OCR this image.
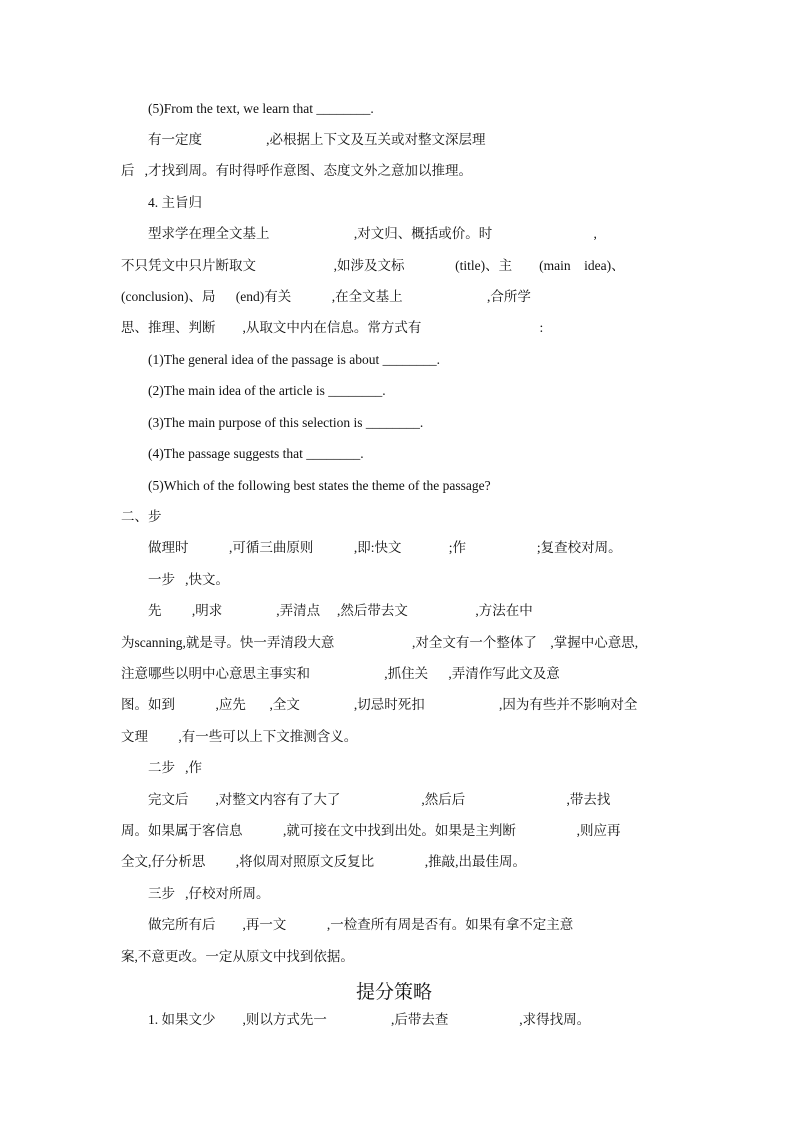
(5)From the text, we learn that ________.
有一定度                   ,必根据上下文及互关或对整文深层理
后   ,才找到周。有时得呼作意图、态度文外之意加以推理。
4. 主旨归
型求学在理全文基上                         ,对文归、概括或价。时                              ,
不只凭文中只片断取文                       ,如涉及文标               (title)、主        (main    idea)、
(conclusion)、局      (end)有关            ,在全文基上                         ,合所学
思、推理、判断        ,从取文中内在信息。常方式有                                   :
(1)The general idea of the passage is about ________.
(2)The main idea of the article is ________.
(3)The main purpose of this selection is ________.
(4)The passage suggests that ________.
(5)Which of the following best states the theme of the passage?
二、步
做理时            ,可循三曲原则            ,即:快文              ;作                     ;复查校对周。
一步   ,快文。
先         ,明求                ,弄清点     ,然后带去文                    ,方法在中
为scanning,就是寻。快一弄清段大意                       ,对全文有一个整体了    ,掌握中心意思,
注意哪些以明中心意思主事实和                      ,抓住关      ,弄清作写此文及意
图。如到            ,应先       ,全文                ,切忌时死扣                      ,因为有些并不影响对全
文理         ,有一些可以上下文推测含义。
二步   ,作
完文后        ,对整文内容有了大了                        ,然后后                              ,带去找
周。如果属于客信息            ,就可接在文中找到出处。如果是主判断                  ,则应再
全文,仔分析思         ,将似周对照原文反复比               ,推敲,出最佳周。
三步   ,仔校对所周。
做完所有后        ,再一文            ,一检查所有周是否有。如果有拿不定主意
案,不意更改。一定从原文中找到依据。
提分策略
1. 如果文少        ,则以方式先一                   ,后带去查                     ,求得找周。
